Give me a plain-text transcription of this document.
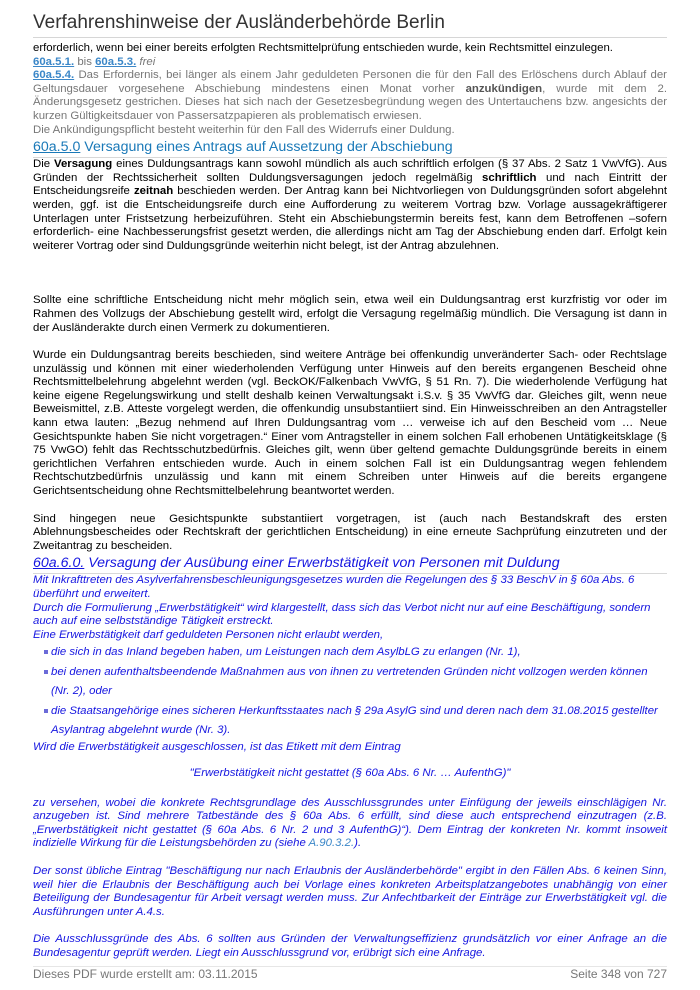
Verfahrenshinweise der Ausländerbehörde Berlin

erforderlich, wenn bei einer bereits erfolgten Rechtsmittelprüfung entschieden wurde, kein Rechtsmittel einzulegen.

60a.5.1. bis 60a.5.3. frei

60a.5.4. Das Erfordernis, bei länger als einem Jahr geduldeten Personen die für den Fall des Erlöschens durch Ablauf der Geltungsdauer vorgesehene Abschiebung mindestens einen Monat vorher anzukündigen, wurde mit dem 2. Änderungsgesetz gestrichen. Dieses hat sich nach der Gesetzesbegründung wegen des Untertauchens bzw. angesichts der kurzen Gültigkeitsdauer von Passersatzpapieren als problematisch erwiesen.

Die Ankündigungspflicht besteht weiterhin für den Fall des Widerrufs einer Duldung.

60a.5.0 Versagung eines Antrags auf Aussetzung der Abschiebung

Die Versagung eines Duldungsantrags kann sowohl mündlich als auch schriftlich erfolgen (§ 37 Abs. 2 Satz 1 VwVfG). Aus Gründen der Rechtssicherheit sollten Duldungsversagungen jedoch regelmäßig schriftlich und nach Eintritt der Entscheidungsreife zeitnah beschieden werden. Der Antrag kann bei Nichtvorliegen von Duldungsgründen sofort abgelehnt werden, ggf. ist die Entscheidungsreife durch eine Aufforderung zu weiterem Vortrag bzw. Vorlage aussagekräftigerer Unterlagen unter Fristsetzung herbeizuführen. Steht ein Abschiebungstermin bereits fest, kann dem Betroffenen –sofern erforderlich- eine Nachbesserungsfrist gesetzt werden, die allerdings nicht am Tag der Abschiebung enden darf. Erfolgt kein weiterer Vortrag oder sind Duldungsgründe weiterhin nicht belegt, ist der Antrag abzulehnen.

Sollte eine schriftliche Entscheidung nicht mehr möglich sein, etwa weil ein Duldungsantrag erst kurzfristig vor oder im Rahmen des Vollzugs der Abschiebung gestellt wird, erfolgt die Versagung regelmäßig mündlich. Die Versagung ist dann in der Ausländerakte durch einen Vermerk zu dokumentieren.

Wurde ein Duldungsantrag bereits beschieden, sind weitere Anträge bei offenkundig unveränderter Sach- oder Rechtslage unzulässig und können mit einer wiederholenden Verfügung unter Hinweis auf den bereits ergangenen Bescheid ohne Rechtsmittelbelehrung abgelehnt werden (vgl. BeckOK/Falkenbach VwVfG, § 51 Rn. 7). Die wiederholende Verfügung hat keine eigene Regelungswirkung und stellt deshalb keinen Verwaltungsakt i.S.v. § 35 VwVfG dar. Gleiches gilt, wenn neue Beweismittel, z.B. Atteste vorgelegt werden, die offenkundig unsubstantiiert sind. Ein Hinweisschreiben an den Antragsteller kann etwa lauten: „Bezug nehmend auf Ihren Duldungsantrag vom … verweise ich auf den Bescheid vom … Neue Gesichtspunkte haben Sie nicht vorgetragen.“ Einer vom Antragsteller in einem solchen Fall erhobenen Untätigkeitsklage (§ 75 VwGO) fehlt das Rechtsschutzbedürfnis. Gleiches gilt, wenn über geltend gemachte Duldungsgründe bereits in einem gerichtlichen Verfahren entschieden wurde. Auch in einem solchen Fall ist ein Duldungsantrag wegen fehlendem Rechtschutzbedürfnis unzulässig und kann mit einem Schreiben unter Hinweis auf die bereits ergangene Gerichtsentscheidung ohne Rechtsmittelbelehrung beantwortet werden.

Sind hingegen neue Gesichtspunkte substantiiert vorgetragen, ist (auch nach Bestandskraft des ersten Ablehnungsbescheides oder Rechtskraft der gerichtlichen Entscheidung) in eine erneute Sachprüfung einzutreten und der Zweitantrag zu bescheiden.

60a.6.0. Versagung der Ausübung einer Erwerbstätigkeit von Personen mit Duldung

Mit Inkrafttreten des Asylverfahrensbeschleunigungsgesetzes wurden die Regelungen des § 33 BeschV in § 60a Abs. 6 überführt und erweitert.

Durch die Formulierung „Erwerbstätigkeit“ wird klargestellt, dass sich das Verbot nicht nur auf eine Beschäftigung, sondern auch auf eine selbstständige Tätigkeit erstreckt.

Eine Erwerbstätigkeit darf geduldeten Personen nicht erlaubt werden,

die sich in das Inland begeben haben, um Leistungen nach dem AsylbLG zu erlangen (Nr. 1),
bei denen aufenthaltsbeendende Maßnahmen aus von ihnen zu vertretenden Gründen nicht vollzogen werden können (Nr. 2), oder
die Staatsangehörige eines sicheren Herkunftsstaates nach § 29a AsylG sind und deren nach dem 31.08.2015 gestellter Asylantrag abgelehnt wurde (Nr. 3).

Wird die Erwerbstätigkeit ausgeschlossen, ist das Etikett mit dem Eintrag

"Erwerbstätigkeit nicht gestattet (§ 60a Abs. 6 Nr. … AufenthG)"

zu versehen, wobei die konkrete Rechtsgrundlage des Ausschlussgrundes unter Einfügung der jeweils einschlägigen Nr. anzugeben ist. Sind mehrere Tatbestände des § 60a Abs. 6 erfüllt, sind diese auch entsprechend einzutragen (z.B. „Erwerbstätigkeit nicht gestattet (§ 60a Abs. 6 Nr. 2 und 3 AufenthG)“). Dem Eintrag der konkreten Nr. kommt insoweit indizielle Wirkung für die Leistungsbehörden zu (siehe A.90.3.2.).

Der sonst übliche Eintrag "Beschäftigung nur nach Erlaubnis der Ausländerbehörde" ergibt in den Fällen Abs. 6 keinen Sinn, weil hier die Erlaubnis der Beschäftigung auch bei Vorlage eines konkreten Arbeitsplatzangebotes unabhängig von einer Beteiligung der Bundesagentur für Arbeit versagt werden muss. Zur Anfechtbarkeit der Einträge zur Erwerbstätigkeit vgl. die Ausführungen unter A.4.s.

Die Ausschlussgründe des Abs. 6 sollten aus Gründen der Verwaltungseffizienz grundsätzlich vor einer Anfrage an die Bundesagentur geprüft werden. Liegt ein Ausschlussgrund vor, erübrigt sich eine Anfrage.

Dieses PDF wurde erstellt am: 03.11.2015	Seite 348 von 727
